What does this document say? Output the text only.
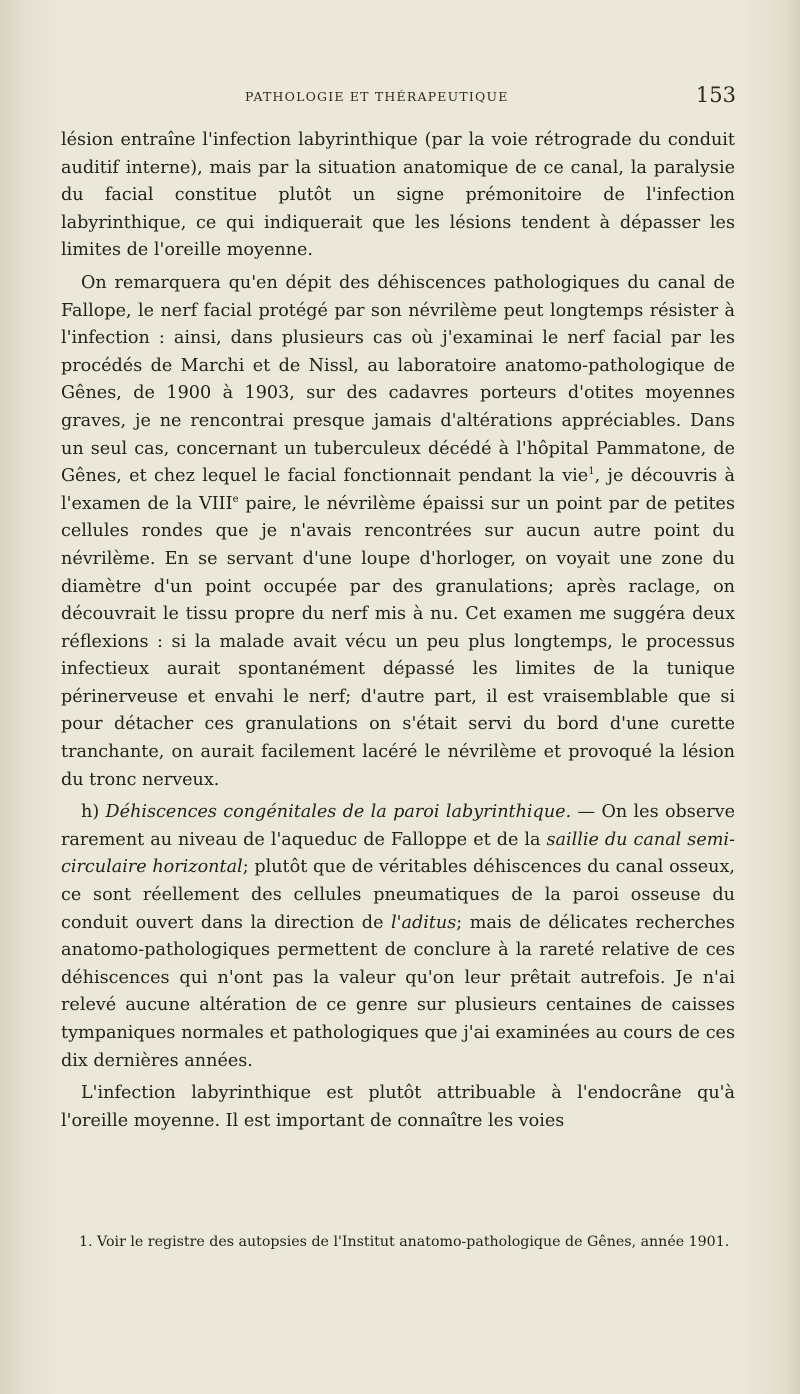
PATHOLOGIE ET THÉRAPEUTIQUE	153

lésion entraîne l'infection labyrinthique (par la voie rétrograde du conduit auditif interne), mais par la situation anatomique de ce canal, la paralysie du facial constitue plutôt un signe prémonitoire de l'infection labyrinthique, ce qui indiquerait que les lésions tendent à dépasser les limites de l'oreille moyenne.

On remarquera qu'en dépit des déhiscences pathologiques du canal de Fallope, le nerf facial protégé par son névrilème peut longtemps résister à l'infection : ainsi, dans plusieurs cas où j'examinai le nerf facial par les procédés de Marchi et de Nissl, au laboratoire anatomo-pathologique de Gênes, de 1900 à 1903, sur des cadavres porteurs d'otites moyennes graves, je ne rencontrai presque jamais d'altérations appréciables. Dans un seul cas, concernant un tuberculeux décédé à l'hôpital Pammatone, de Gênes, et chez lequel le facial fonctionnait pendant la vie$^1$, je découvris à l'examen de la VIIIe paire, le névrilème épaissi sur un point par de petites cellules rondes que je n'avais rencontrées sur aucun autre point du névrilème. En se servant d'une loupe d'horloger, on voyait une zone du diamètre d'un point occupée par des granulations; après raclage, on découvrait le tissu propre du nerf mis à nu. Cet examen me suggéra deux réflexions : si la malade avait vécu un peu plus longtemps, le processus infectieux aurait spontanément dépassé les limites de la tunique périnerveuse et envahi le nerf; d'autre part, il est vraisemblable que si pour détacher ces granulations on s'était servi du bord d'une curette tranchante, on aurait facilement lacéré le névrilème et provoqué la lésion du tronc nerveux.

h) Déhiscences congénitales de la paroi labyrinthique. — On les observe rarement au niveau de l'aqueduc de Falloppe et de la saillie du canal semi-circulaire horizontal; plutôt que de véritables déhiscences du canal osseux, ce sont réellement des cellules pneumatiques de la paroi osseuse du conduit ouvert dans la direction de l'aditus; mais de délicates recherches anatomo-pathologiques permettent de conclure à la rareté relative de ces déhiscences qui n'ont pas la valeur qu'on leur prêtait autrefois. Je n'ai relevé aucune altération de ce genre sur plusieurs centaines de caisses tympaniques normales et pathologiques que j'ai examinées au cours de ces dix dernières années.

L'infection labyrinthique est plutôt attribuable à l'endocrâne qu'à l'oreille moyenne. Il est important de connaître les voies

1. Voir le registre des autopsies de l'Institut anatomo-pathologique de Gênes, année 1901.
